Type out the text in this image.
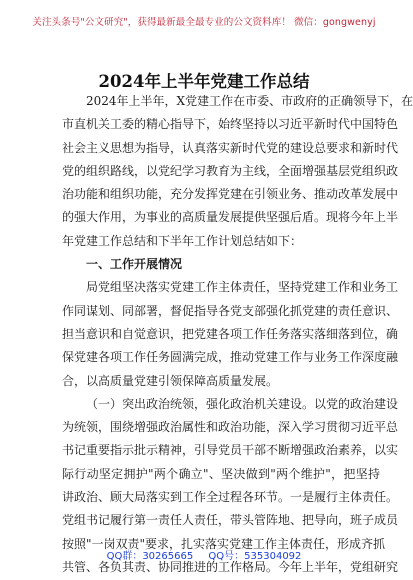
关注头条号"公文研究"，获得最新最全最专业的公文资料库！ 微信：gongwenyj
2024年上半年党建工作总结
2024年上半年，X党建工作在市委、市政府的正确领导下，在
市直机关工委的精心指导下，始终坚持以习近平新时代中国特色
社会主义思想为指导，认真落实新时代党的建设总要求和新时代
党的组织路线，以党纪学习教育为主线，全面增强基层党组织政
治功能和组织功能，充分发挥党建在引领业务、推动改革发展中
的强大作用，为事业的高质量发展提供坚强后盾。现将今年上半
年党建工作总结和下半年工作计划总结如下：
一、工作开展情况
局党组坚决落实党建工作主体责任，坚持党建工作和业务工
作同谋划、同部署，督促指导各党支部强化抓党建的责任意识、
担当意识和自觉意识，把党建各项工作任务落实落细落到位，确
保党建各项工作任务圆满完成，推动党建工作与业务工作深度融
合，以高质量党建引领保障高质量发展。
（一）突出政治统领，强化政治机关建设。以党的政治建设
为统领，围绕增强政治属性和政治功能，深入学习贯彻习近平总
书记重要指示批示精神，引导党员干部不断增强政治素养，以实
际行动坚定拥护"两个确立"、坚决做到"两个维护"，把坚持
讲政治、顾大局落实到工作全过程各环节。一是履行主体责任。
党组书记履行第一责任人责任，带头管阵地、把导向，班子成员
按照"一岗双责"要求，扎实落实党建工作主体责任，形成齐抓
共管、各负其责、协同推进的工作格局。今年上半年，党组研究
QQ群：30265665 QQ号：535304092
